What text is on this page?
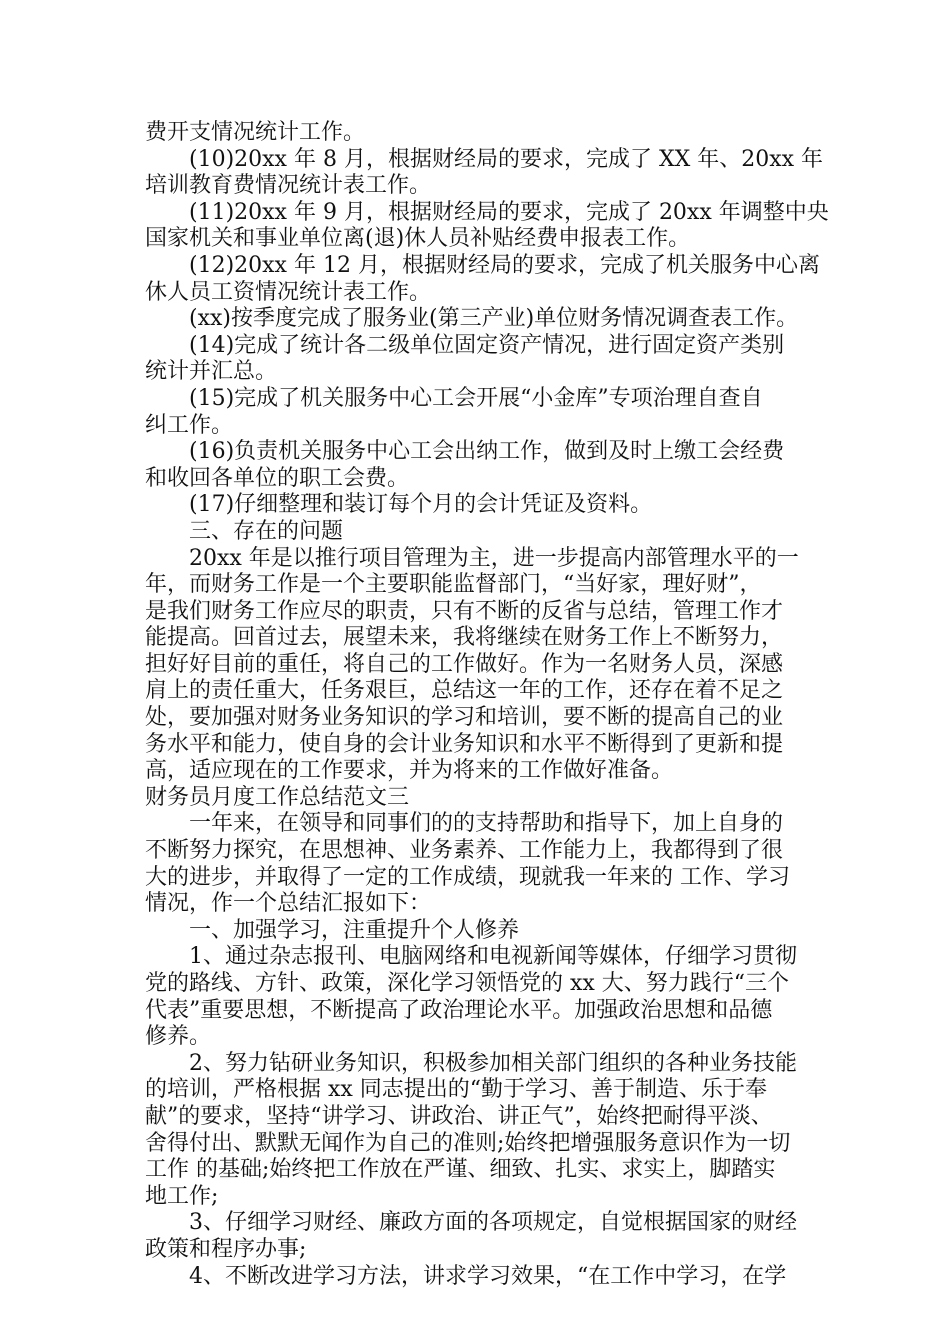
费开支情况统计工作。
(10)20xx 年 8 月，根据财经局的要求，完成了 XX 年、20xx 年
培训教育费情况统计表工作。
(11)20xx 年 9 月，根据财经局的要求，完成了 20xx 年调整中央
国家机关和事业单位离(退)休人员补贴经费申报表工作。
(12)20xx 年 12 月，根据财经局的要求，完成了机关服务中心离
休人员工资情况统计表工作。
(xx)按季度完成了服务业(第三产业)单位财务情况调查表工作。
(14)完成了统计各二级单位固定资产情况，进行固定资产类别
统计并汇总。
(15)完成了机关服务中心工会开展“小金库”专项治理自查自
纠工作。
(16)负责机关服务中心工会出纳工作，做到及时上缴工会经费
和收回各单位的职工会费。
(17)仔细整理和装订每个月的会计凭证及资料。
三、存在的问题
20xx 年是以推行项目管理为主，进一步提高内部管理水平的一
年，而财务工作是一个主要职能监督部门，“当好家，理好财”，
是我们财务工作应尽的职责，只有不断的反省与总结，管理工作才
能提高。回首过去，展望未来，我将继续在财务工作上不断努力，
担好好目前的重任，将自己的工作做好。作为一名财务人员，深感
肩上的责任重大，任务艰巨，总结这一年的工作，还存在着不足之
处，要加强对财务业务知识的学习和培训，要不断的提高自己的业
务水平和能力，使自身的会计业务知识和水平不断得到了更新和提
高，适应现在的工作要求，并为将来的工作做好准备。
财务员月度工作总结范文三
一年来，在领导和同事们的的支持帮助和指导下，加上自身的
不断努力探究，在思想神、业务素养、工作能力上，我都得到了很
大的进步，并取得了一定的工作成绩，现就我一年来的 工作、学习
情况，作一个总结汇报如下：
一、加强学习，注重提升个人修养
1、通过杂志报刊、电脑网络和电视新闻等媒体，仔细学习贯彻
党的路线、方针、政策，深化学习领悟党的 xx 大、努力践行“三个
代表”重要思想，不断提高了政治理论水平。加强政治思想和品德
修养。
2、努力钻研业务知识，积极参加相关部门组织的各种业务技能
的培训，严格根据 xx 同志提出的“勤于学习、善于制造、乐于奉
献”的要求，坚持“讲学习、讲政治、讲正气”，始终把耐得平淡、
舍得付出、默默无闻作为自己的准则;始终把增强服务意识作为一切
工作 的基础;始终把工作放在严谨、细致、扎实、求实上，脚踏实
地工作;
3、仔细学习财经、廉政方面的各项规定，自觉根据国家的财经
政策和程序办事;
4、不断改进学习方法，讲求学习效果，“在工作中学习，在学
